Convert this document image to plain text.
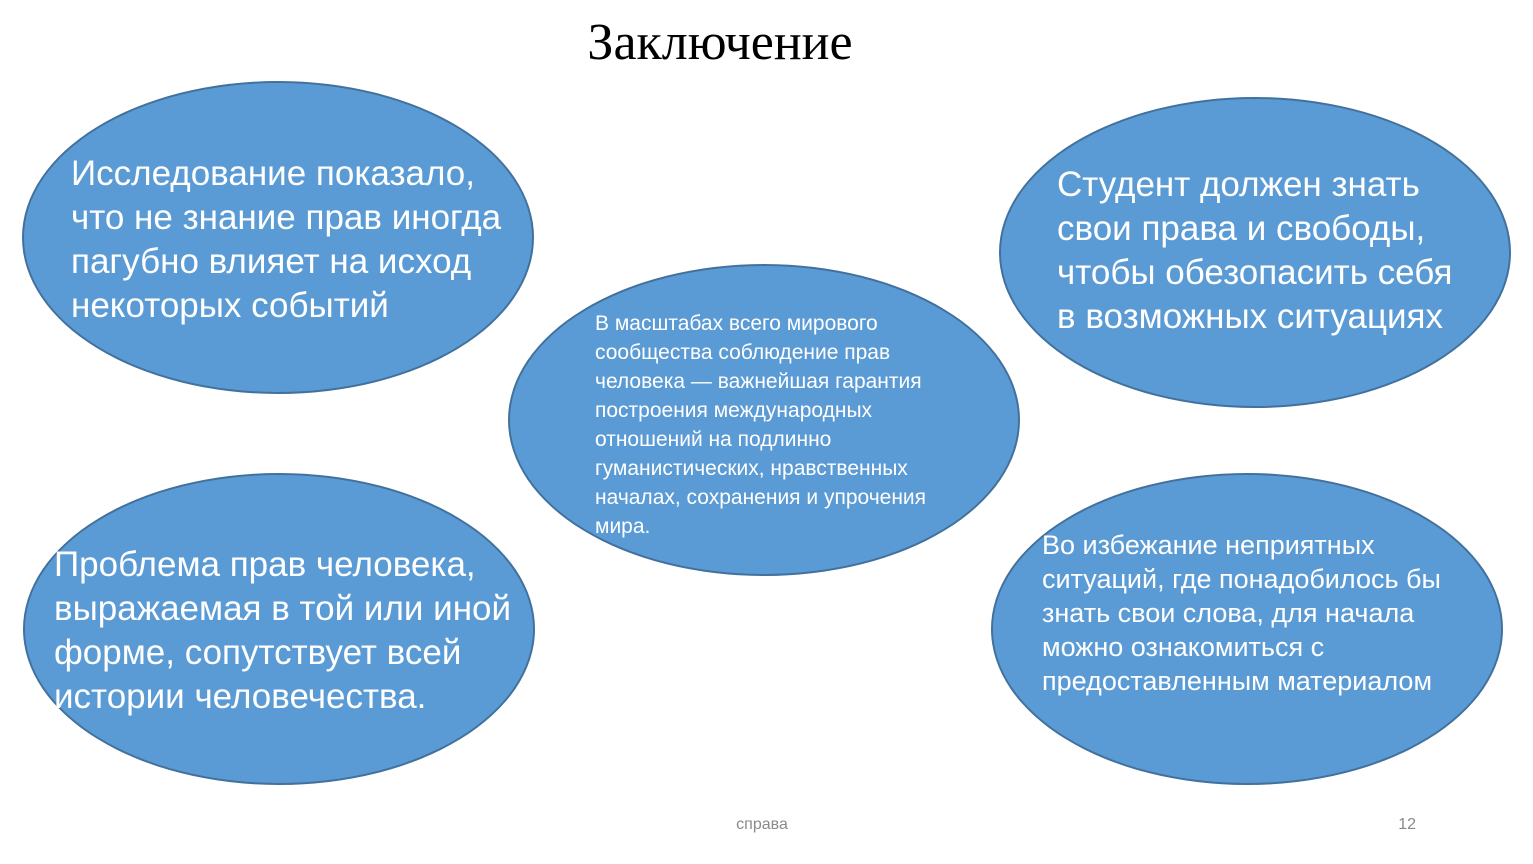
Заключение
Исследование показало,
что не знание прав иногда
пагубно влияет на исход
некоторых событий
Студент должен знать
свои права и свободы,
чтобы обезопасить себя
в возможных ситуациях
В масштабах всего мирового
сообщества соблюдение прав
человека — важнейшая гарантия
построения международных
отношений на подлинно
гуманистических, нравственных
началах, сохранения и упрочения
мира.
Проблема прав человека,
выражаемая в той или иной
форме, сопутствует всей
истории человечества.
Во избежание неприятных
ситуаций, где понадобилось бы
знать свои слова, для начала
можно ознакомиться с
предоставленным материалом
справа	12
